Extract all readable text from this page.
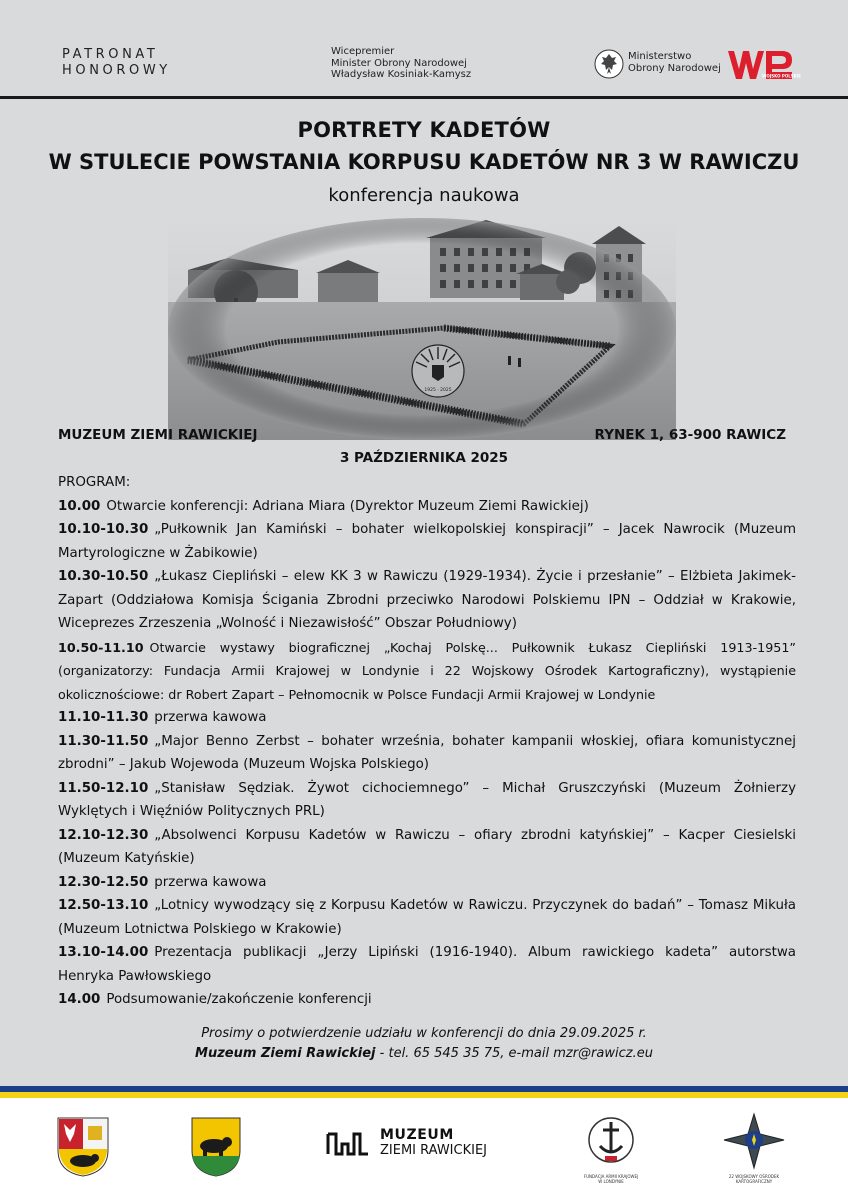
PATRONAT
HONOROWY
Wicepremier
Minister Obrony Narodowej
Władysław Kosiniak-Kamysz
Ministerstwo
Obrony Narodowej
WOJSKO POLSKIE
PORTRETY KADETÓW
W STULECIE POWSTANIA KORPUSU KADETÓW NR 3 W RAWICZU
konferencja naukowa
MUZEUM ZIEMI RAWICKIEJ	RYNEK 1, 63-900 RAWICZ
3 PAŹDZIERNIKA 2025
PROGRAM:
10.00 Otwarcie konferencji: Adriana Miara (Dyrektor Muzeum Ziemi Rawickiej)
10.10-10.30 „Pułkownik Jan Kamiński – bohater wielkopolskiej konspiracji” – Jacek Nawrocik (Muzeum Martyrologiczne w Żabikowie)
10.30-10.50 „Łukasz Ciepliński – elew KK 3 w Rawiczu (1929-1934). Życie i przesłanie” – Elżbieta Jakimek-Zapart (Oddziałowa Komisja Ścigania Zbrodni przeciwko Narodowi Polskiemu IPN – Oddział w Krakowie, Wiceprezes Zrzeszenia „Wolność i Niezawisłość” Obszar Południowy)
10.50-11.10 Otwarcie wystawy biograficznej „Kochaj Polskę... Pułkownik Łukasz Ciepliński 1913-1951” (organizatorzy: Fundacja Armii Krajowej w Londynie i 22 Wojskowy Ośrodek Kartograficzny), wystąpienie okolicznościowe: dr Robert Zapart – Pełnomocnik w Polsce Fundacji Armii Krajowej w Londynie
11.10-11.30 przerwa kawowa
11.30-11.50 „Major Benno Zerbst – bohater września, bohater kampanii włoskiej, ofiara komunistycznej zbrodni” – Jakub Wojewoda (Muzeum Wojska Polskiego)
11.50-12.10 „Stanisław Sędziak. Żywot cichociemnego” – Michał Gruszczyński (Muzeum Żołnierzy Wyklętych i Więźniów Politycznych PRL)
12.10-12.30 „Absolwenci Korpusu Kadetów w Rawiczu – ofiary zbrodni katyńskiej” – Kacper Ciesielski (Muzeum Katyńskie)
12.30-12.50 przerwa kawowa
12.50-13.10 „Lotnicy wywodzący się z Korpusu Kadetów w Rawiczu. Przyczynek do badań” – Tomasz Mikuła (Muzeum Lotnictwa Polskiego w Krakowie)
13.10-14.00 Prezentacja publikacji „Jerzy Lipiński (1916-1940). Album rawickiego kadeta” autorstwa Henryka Pawłowskiego
14.00 Podsumowanie/zakończenie konferencji
Prosimy o potwierdzenie udziału w konferencji do dnia 29.09.2025 r.
Muzeum Ziemi Rawickiej - tel. 65 545 35 75, e-mail mzr@rawicz.eu
MUZEUM
ZIEMI RAWICKIEJ
FUNDACJA ARMII KRAJOWEJ W LONDYNIE
22 WOJSKOWY OŚRODEK KARTOGRAFICZNY
